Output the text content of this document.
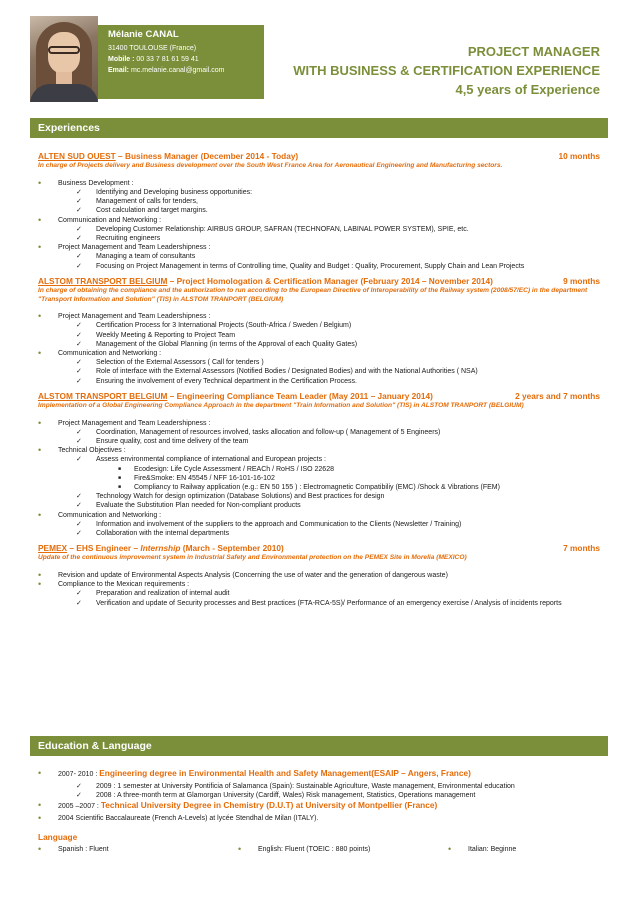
Mélanie CANAL
31400 TOULOUSE (France)
Mobile : 00 33 7 81 61 59 41
Email: mc.melanie.canal@gmail.com
PROJECT MANAGER
WITH BUSINESS & CERTIFICATION EXPERIENCE
4,5 years of Experience
Experiences
ALTEN SUD OUEST – Business Manager (December 2014 - Today)	10 months
In charge of Projects delivery and Business development over the South West France Area for Aeronautical Engineering and Manufacturing sectors.
• Business Development :
✓ Identifying and Developing business opportunities:
✓ Management of calls for tenders,
✓ Cost calculation and target margins.
• Communication and Networking :
✓ Developing Customer Relationship: AIRBUS GROUP, SAFRAN (TECHNOFAN, LABINAL POWER SYSTEM), SPIE, etc.
✓ Recruiting engineers
• Project Management and Team Leadershipness :
✓ Managing a team of consultants
✓ Focusing on Project Management in terms of Controlling time, Quality and Budget : Quality, Procurement, Supply Chain and Lean Projects
ALSTOM TRANSPORT BELGIUM – Project Homologation & Certification Manager (February 2014 – November 2014)	9 months
In charge of obtaining the compliance and the authorization to run according to the European Directive of Interoperability of the Railway system (2008/57/EC) in the department "Transport Information and Solution" (TIS) in ALSTOM TRANPORT (BELGIUM)
• Project Management and Team Leadershipness :
✓ Certification Process for 3 International Projects (South-Africa / Sweden / Belgium)
✓ Weekly Meeting & Reporting to Project Team
✓ Management of the Global Planning (in terms of the Approval of each Quality Gates)
• Communication and Networking :
✓ Selection of the External Assessors ( Call for tenders )
✓ Role of interface with the External Assessors (Notified Bodies / Designated Bodies) and with the National Authorities ( NSA)
✓ Ensuring the involvement of every Technical department in the Certification Process.
ALSTOM TRANSPORT BELGIUM – Engineering Compliance Team Leader (May 2011 – January 2014)	2 years and 7 months
Implementation of a Global Engineering Compliance Approach in the department "Train Information and Solution" (TIS) in ALSTOM TRANPORT (BELGIUM)
• Project Management and Team Leadershipness :
✓ Coordination, Management of resources involved, tasks allocation and follow-up ( Management of 5 Engineers)
✓ Ensure quality, cost and time delivery of the team
• Technical Objectives :
✓ Assess environmental compliance of international and European projects :
■ Ecodesign: Life Cycle Assessment / REACh / RoHS / ISO 22628
■ Fire&Smoke: EN 45545 / NFF 16-101-16-102
■ Compliancy to Railway application (e.g.: EN 50 155 ) : Electromagnetic Compatibiliy (EMC) /Shock & Vibrations (FEM)
✓ Technology Watch for design optimization (Database Solutions) and Best practices for design
✓ Evaluate the Substitution Plan needed for Non-compliant products
• Communication and Networking :
✓ Information and involvement of the suppliers to the approach and Communication to the Clients (Newsletter / Training)
✓ Collaboration with the internal departments
PEMEX – EHS Engineer – Internship (March - September 2010)	7 months
Update of the continuous improvement system in Industrial Safety and Environmental protection on the PEMEX Site in Morelia (MEXICO)
• Revision and update of Environmental Aspects Analysis (Concerning the use of water and the generation of dangerous waste)
• Compliance to the Mexican requirements :
✓ Preparation and realization of internal audit
✓ Verification and update of Security processes and Best practices (FTA-RCA-5S)/ Performance of an emergency exercise / Analysis of incidents reports
Education & Language
• 2007- 2010 : Engineering degree in Environmental Health and Safety Management(ESAIP – Angers, France)
✓ 2009 : 1 semester at University Pontificia of Salamanca (Spain): Sustainable Agriculture, Waste management, Environmental education
✓ 2008 : A three-month term at Glamorgan University (Cardiff, Wales) Risk management, Statistics, Operations management
• 2005 –2007 : Technical University Degree in Chemistry (D.U.T) at University of Montpellier (France)
• 2004 Scientific Baccalaureate (French A-Levels) at lycée Stendhal de Milan (ITALY).
Language
• Spanish : Fluent	• English: Fluent (TOEIC : 880 points)	• Italian: Beginne
